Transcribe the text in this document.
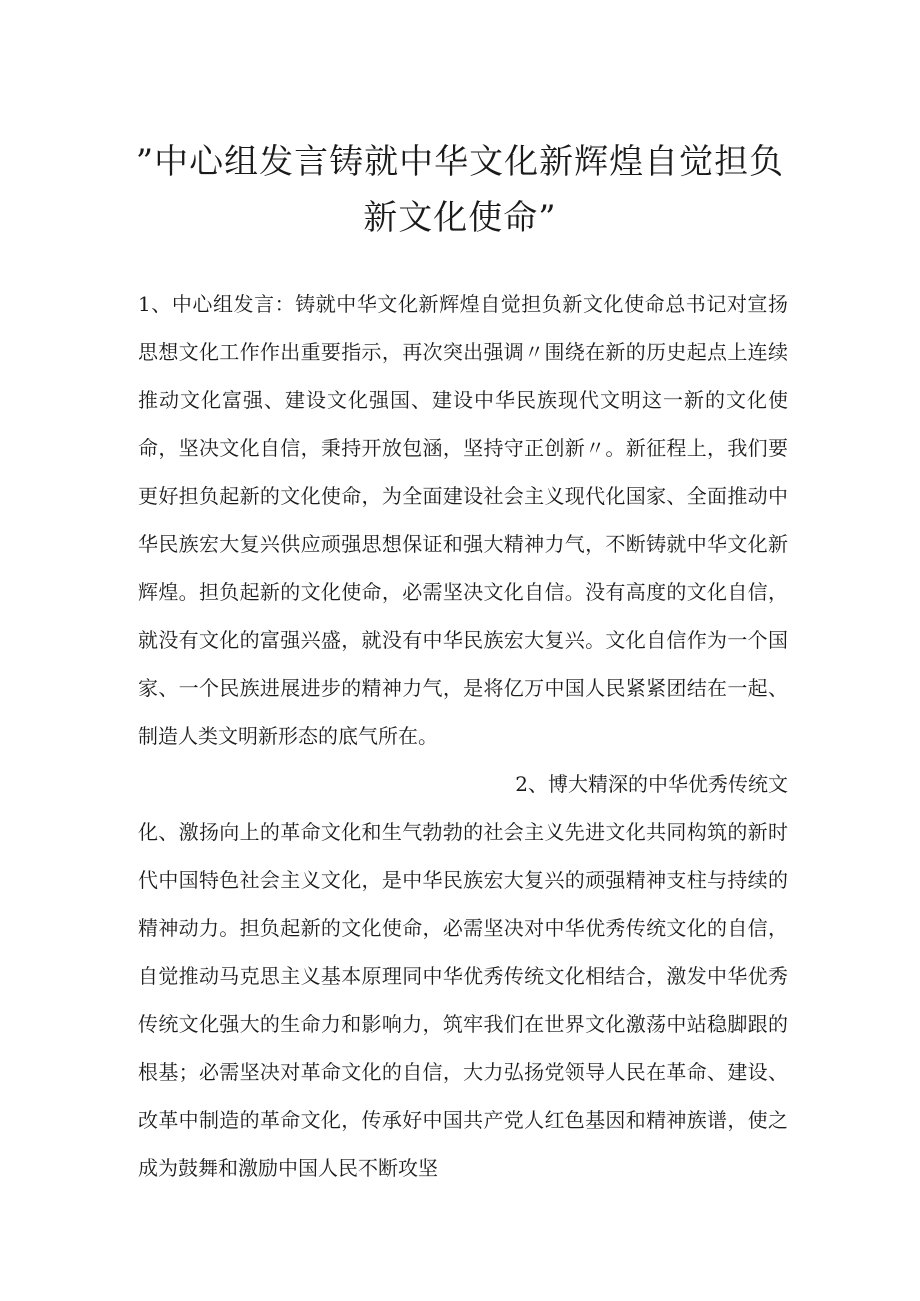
”中心组发言铸就中华文化新辉煌自觉担负
新文化使命”

1、中心组发言：铸就中华文化新辉煌自觉担负新文化使命总书记对宣扬思想文化工作作出重要指示，再次突出强调〃围绕在新的历史起点上连续推动文化富强、建设文化强国、建设中华民族现代文明这一新的文化使命，坚决文化自信，秉持开放包涵，坚持守正创新〃。新征程上，我们要更好担负起新的文化使命，为全面建设社会主义现代化国家、全面推动中华民族宏大复兴供应顽强思想保证和强大精神力气，不断铸就中华文化新辉煌。担负起新的文化使命，必需坚决文化自信。没有高度的文化自信，就没有文化的富强兴盛，就没有中华民族宏大复兴。文化自信作为一个国家、一个民族进展进步的精神力气，是将亿万中国人民紧紧团结在一起、制造人类文明新形态的底气所在。

2、博大精深的中华优秀传统文

化、激扬向上的革命文化和生气勃勃的社会主义先进文化共同构筑的新时代中国特色社会主义文化，是中华民族宏大复兴的顽强精神支柱与持续的精神动力。担负起新的文化使命，必需坚决对中华优秀传统文化的自信，自觉推动马克思主义基本原理同中华优秀传统文化相结合，激发中华优秀传统文化强大的生命力和影响力，筑牢我们在世界文化激荡中站稳脚跟的根基；必需坚决对革命文化的自信，大力弘扬党领导人民在革命、建设、改革中制造的革命文化，传承好中国共产党人红色基因和精神族谱，使之成为鼓舞和激励中国人民不断攻坚
